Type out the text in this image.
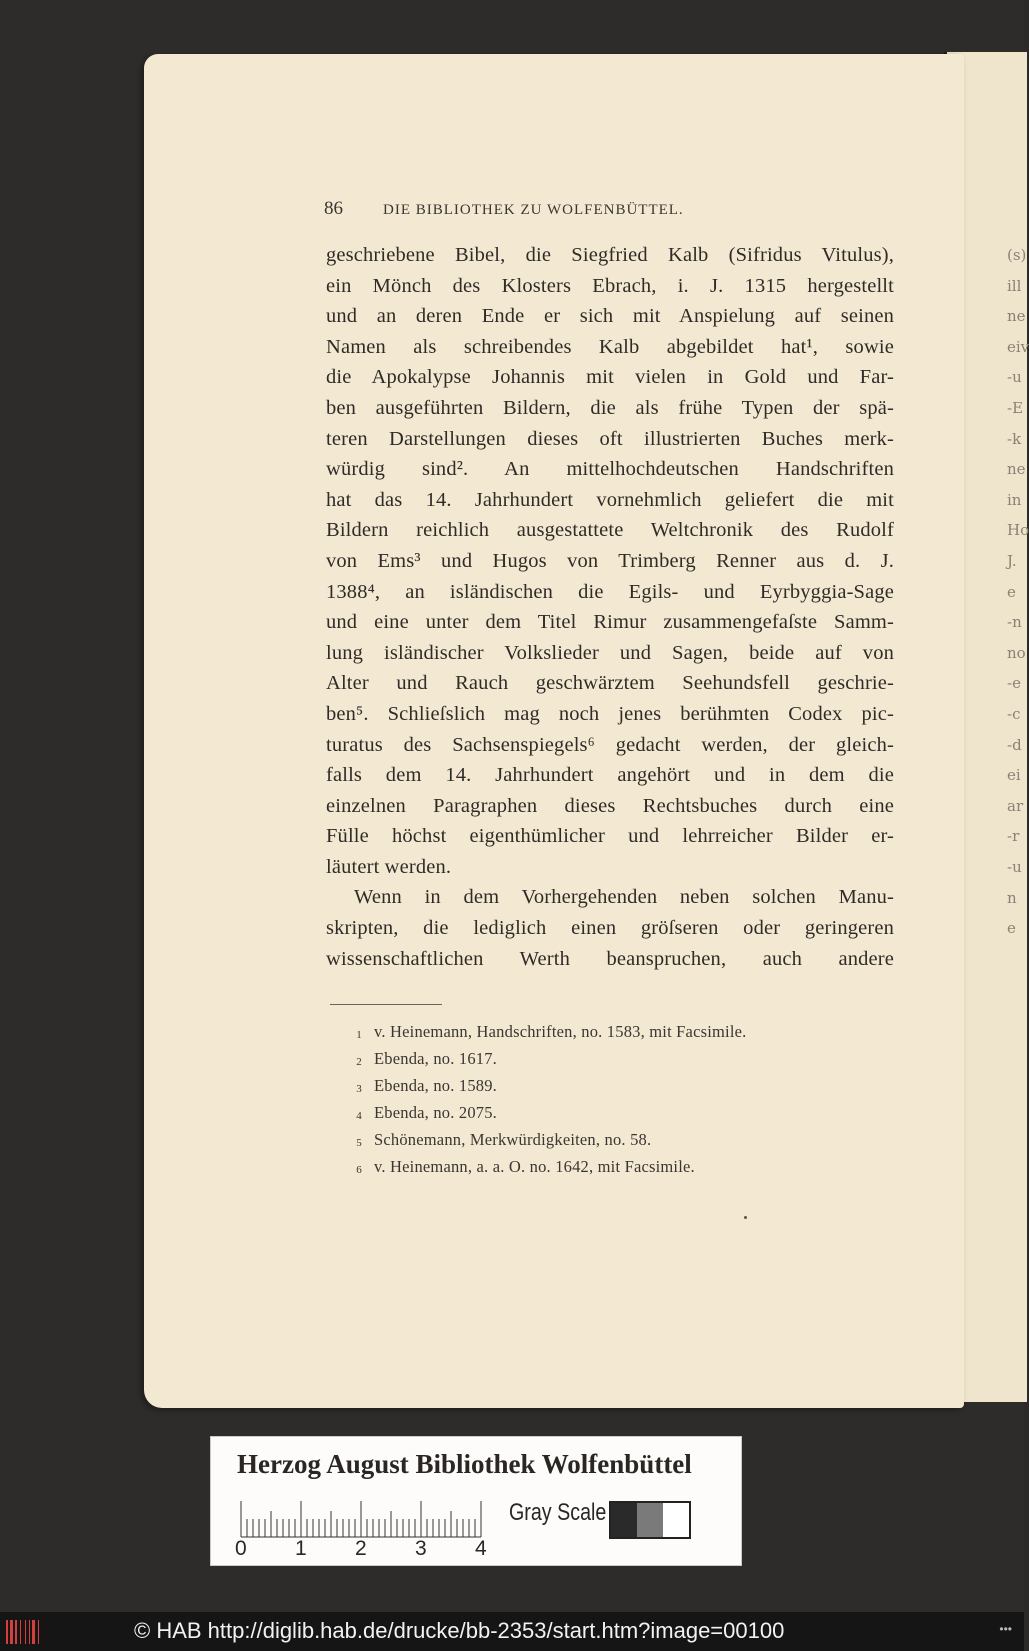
(s)
ill
ne
eiv
-u
-E
-k
ne
in
Ho
J.
e
-n
no
-e
-c
-d
ei
ar
-r
-u
n
e
86	DIE BIBLIOTHEK ZU WOLFENBÜTTEL.
geschriebene Bibel, die Siegfried Kalb (Sifridus Vitulus),
ein Mönch des Klosters Ebrach, i. J. 1315 hergestellt
und an deren Ende er sich mit Anspielung auf seinen
Namen als schreibendes Kalb abgebildet hat¹, sowie
die Apokalypse Johannis mit vielen in Gold und Far-
ben ausgeführten Bildern, die als frühe Typen der spä-
teren Darstellungen dieses oft illustrierten Buches merk-
würdig sind². An mittelhochdeutschen Handschriften
hat das 14. Jahrhundert vornehmlich geliefert die mit
Bildern reichlich ausgestattete Weltchronik des Rudolf
von Ems³ und Hugos von Trimberg Renner aus d. J.
1388⁴, an isländischen die Egils- und Eyrbyggia-Sage
und eine unter dem Titel Rimur zusammengefaſste Samm-
lung isländischer Volkslieder und Sagen, beide auf von
Alter und Rauch geschwärztem Seehundsfell geschrie-
ben⁵. Schlieſslich mag noch jenes berühmten Codex pic-
turatus des Sachsenspiegels⁶ gedacht werden, der gleich-
falls dem 14. Jahrhundert angehört und in dem die
einzelnen Paragraphen dieses Rechtsbuches durch eine
Fülle höchst eigenthümlicher und lehrreicher Bilder er-
läutert werden.
Wenn in dem Vorhergehenden neben solchen Manu-
skripten, die lediglich einen gröſseren oder geringeren
wissenschaftlichen Werth beanspruchen, auch andere
1 v. Heinemann, Handschriften, no. 1583, mit Facsimile.
2 Ebenda, no. 1617.
3 Ebenda, no. 1589.
4 Ebenda, no. 2075.
5 Schönemann, Merkwürdigkeiten, no. 58.
6 v. Heinemann, a. a. O. no. 1642, mit Facsimile.
Herzog August Bibliothek Wolfenbüttel
0 1 2 3 4
Gray Scale
© HAB http://diglib.hab.de/drucke/bb-2353/start.htm?image=00100	•••
